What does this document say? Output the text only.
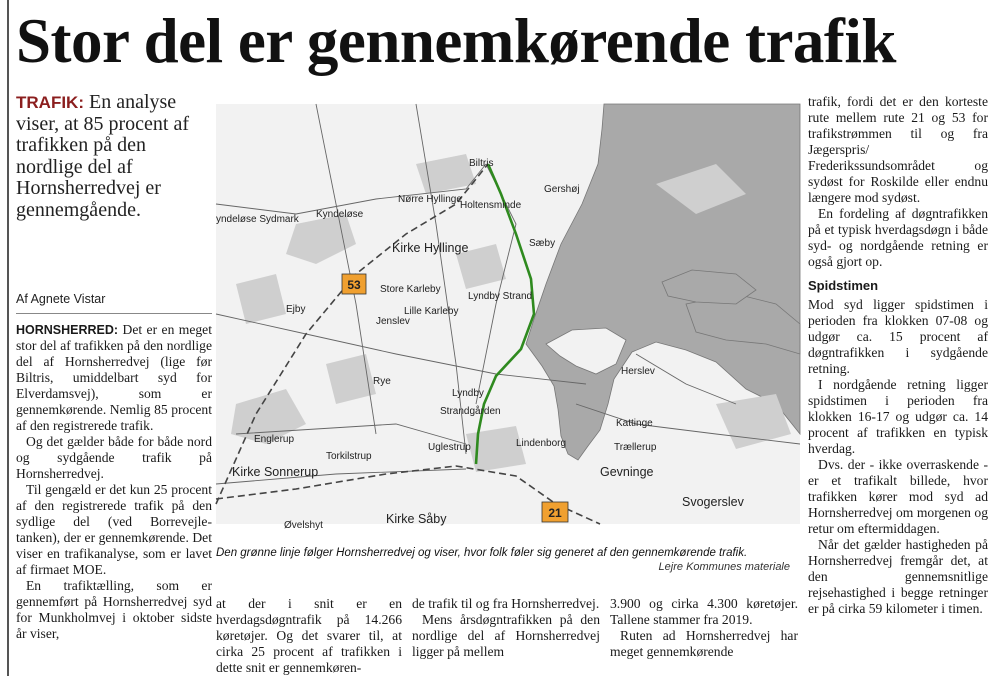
Stor del er gennemkørende trafik

TRAFIK: En analyse viser, at 85 procent af trafikken på den nordlige del af Hornsherredvej er gennemgående.

Af Agnete Vistar

HORNSHERRED: Det er en meget stor del af trafikken på den nordlige del af Hornsherredvej (lige før Biltris, umiddelbart syd for Elverdamsvej), som er gennemkørende. Nemlig 85 procent af den registrerede trafik.

Og det gælder både for både nord og sydgående trafik på Hornsherredvej.

Til gengæld er det kun 25 procent af den registrerede trafik på den sydlige del (ved Borrevejle-tanken), der er gennemkørende. Det viser en trafikanalyse, som er lavet af firmaet MOE.

En trafiktælling, som er gennemført på Hornsherredvej syd for Munkholmvej i oktober sidste år viser,

at der i snit er en hverdagsdøgntrafik på 14.266 køretøjer. Og det svarer til, at cirka 25 procent af trafikken i dette snit er gennemkøren-

de trafik til og fra Hornsherredvej.

Mens årsdøgntrafikken på den nordlige del af Hornsherredvej ligger på mellem

3.900 og cirka 4.300 køretøjer. Tallene stammer fra 2019.

Ruten ad Hornsherredvej har meget gennemkørende

trafik, fordi det er den korteste rute mellem rute 21 og 53 for trafikstrømmen til og fra Jægerspris/ Frederikssundsområdet og sydøst for Roskilde eller endnu længere mod sydøst.

En fordeling af døgntrafikken på et typisk hverdagsdøgn i både syd- og nordgående retning er også gjort op.

Spidstimen

Mod syd ligger spidstimen i perioden fra klokken 07-08 og udgør ca. 15 procent af døgntrafikken i sydgående retning.

I nordgående retning ligger spidstimen i perioden fra klokken 16-17 og udgør ca. 14 procent af trafikken en typisk hverdag.

Dvs. der - ikke overraskende - er et trafikalt billede, hvor trafikken kører mod syd ad Hornsherredvej om morgenen og retur om eftermiddagen.

Når det gælder hastigheden på Hornsherredvej fremgår det, at den gennemsnitlige rejsehastighed i begge retninger er på cirka 59 kilometer i timen.

53
21
Biltris
Gershøj
Nørre Hyllinge
Holtensminde
Kyndeløse
yndeløse Sydmark
Kirke Hyllinge	Sæby
Store Karleby
Lyndby Strand
Ejby
Jenslev
Lille Karleby
Rye
Herslev
Lyndby
Strandgården
Kattinge
Englerup
Uglestrup	Lindenborg	Trællerup
Torkilstrup
Kirke Sonnerup	Gevninge
Svogerslev
Kirke Såby
Øvelshyt

Den grønne linje følger Hornsherredvej og viser, hvor folk føler sig generet af den gennemkørende trafik.

Lejre Kommunes materiale
